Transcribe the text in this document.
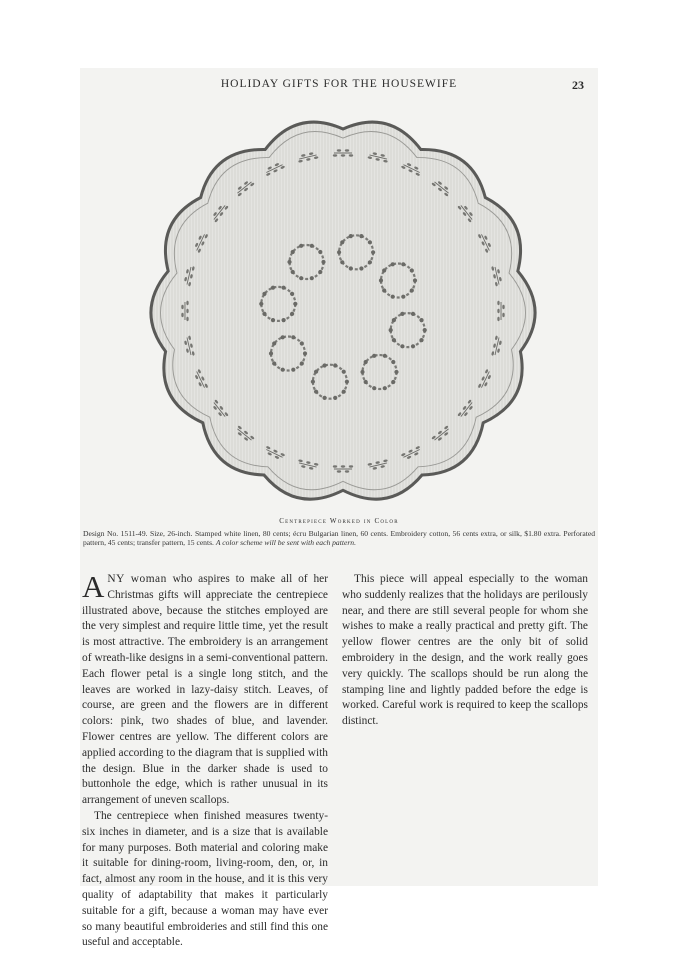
HOLIDAY GIFTS FOR THE HOUSEWIFE	23
Centrepiece Worked in Color
Design No. 1511-49. Size, 26-inch. Stamped white linen, 80 cents; écru Bulgarian linen, 60 cents. Embroidery cotton, 56 cents extra, or silk, $1.80 extra. Perforated pattern, 45 cents; transfer pattern, 15 cents. A color scheme will be sent with each pattern.

ANY woman who aspires to make all of her Christmas gifts will appreciate the centrepiece illustrated above, because the stitches employed are the very simplest and require little time, yet the result is most attractive. The embroidery is an arrangement of wreath-like designs in a semi-conventional pattern. Each flower petal is a single long stitch, and the leaves are worked in lazy-daisy stitch. Leaves, of course, are green and the flowers are in different colors: pink, two shades of blue, and lavender. Flower centres are yellow. The different colors are applied according to the diagram that is supplied with the design. Blue in the darker shade is used to buttonhole the edge, which is rather unusual in its arrangement of uneven scallops.

The centrepiece when finished measures twenty-six inches in diameter, and is a size that is available for many purposes. Both material and coloring make it suitable for dining-room, living-room, den, or, in fact, almost any room in the house, and it is this very quality of adaptability that makes it particularly suitable for a gift, because a woman may have ever so many beautiful embroideries and still find this one useful and acceptable.

This piece will appeal especially to the woman who suddenly realizes that the holidays are perilously near, and there are still several people for whom she wishes to make a really practical and pretty gift. The yellow flower centres are the only bit of solid embroidery in the design, and the work really goes very quickly. The scallops should be run along the stamping line and lightly padded before the edge is worked. Careful work is required to keep the scallops distinct.
